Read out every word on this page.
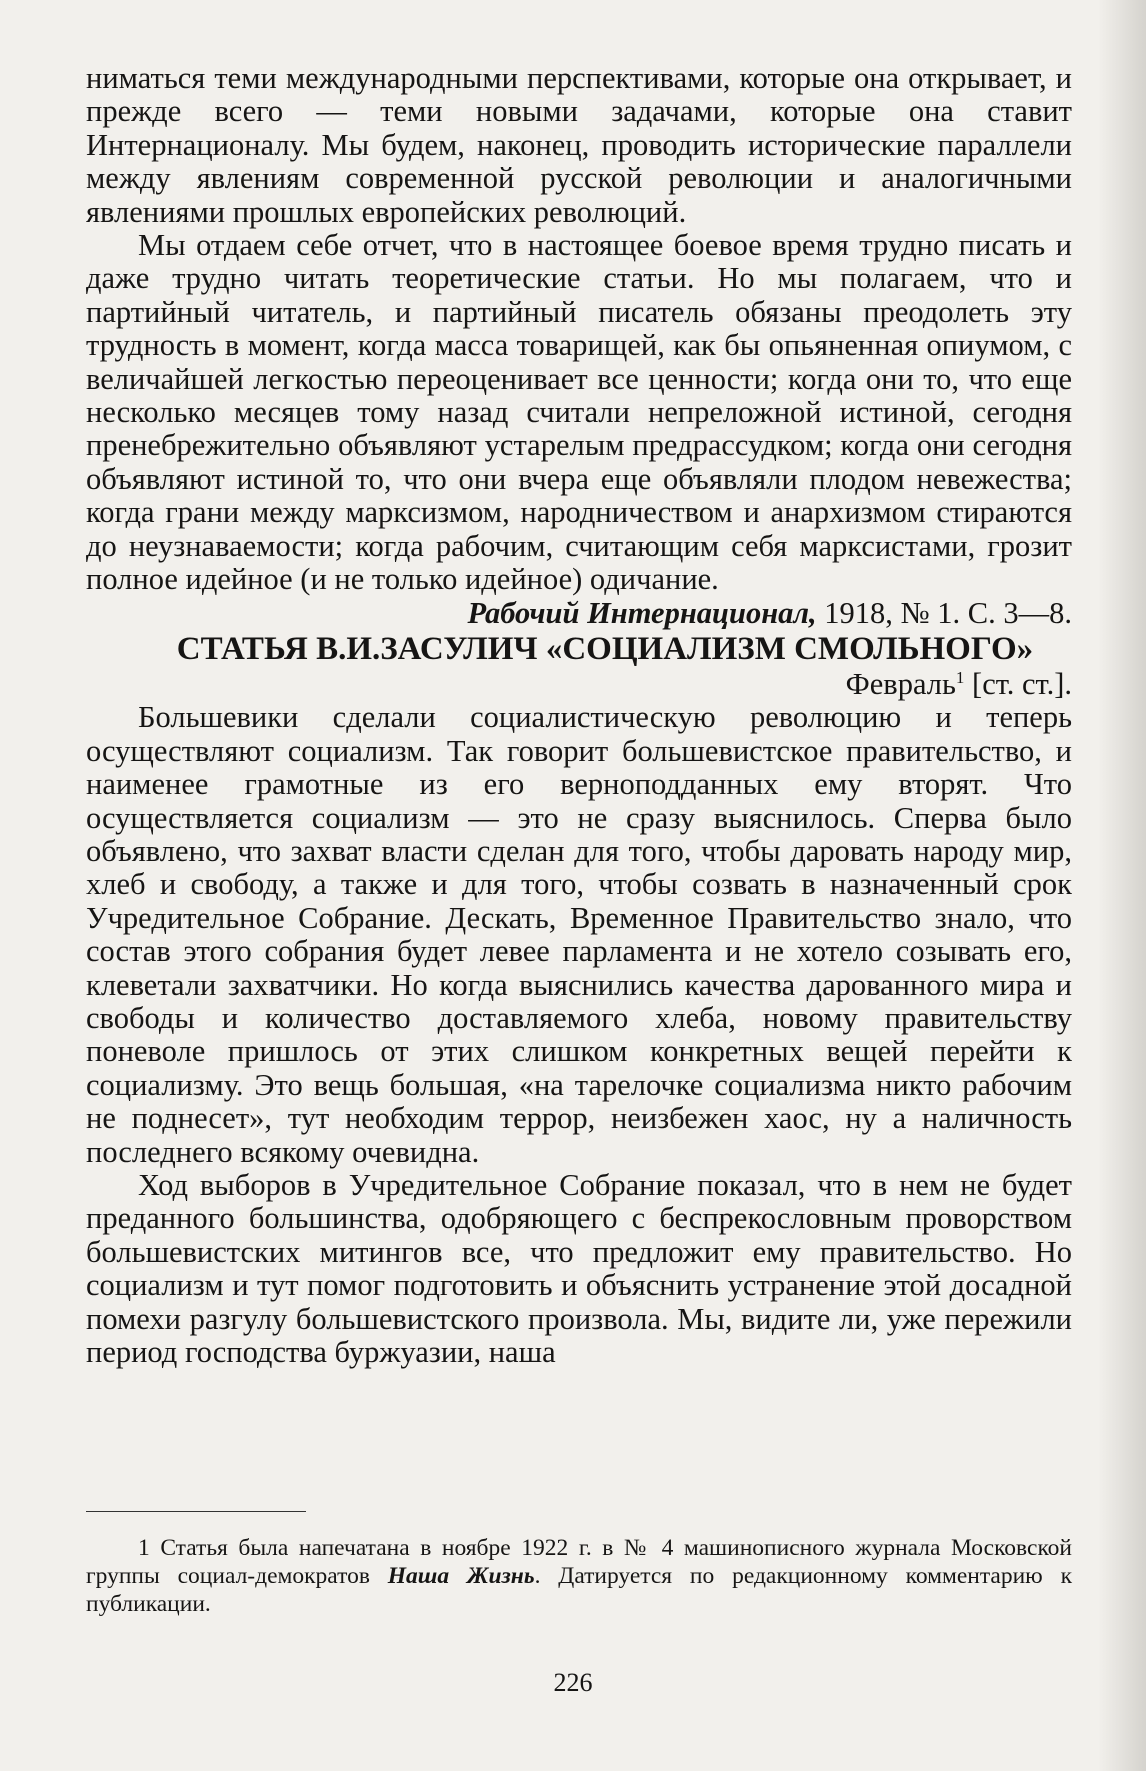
ниматься теми международными перспективами, которые она открывает, и прежде всего — теми новыми задачами, которые она ставит Интернационалу. Мы будем, наконец, проводить исторические параллели между явлениям современной русской революции и аналогичными явлениями прошлых европейских революций.

Мы отдаем себе отчет, что в настоящее боевое время трудно писать и даже трудно читать теоретические статьи. Но мы полагаем, что и партийный читатель, и партийный писатель обязаны преодолеть эту трудность в момент, когда масса товарищей, как бы опьяненная опиумом, с величайшей легкостью переоценивает все ценности; когда они то, что еще несколько месяцев тому назад считали непреложной истиной, сегодня пренебрежительно объявляют устарелым предрассудком; когда они сегодня объявляют истиной то, что они вчера еще объявляли плодом невежества; когда грани между марксизмом, народничеством и анархизмом стираются до неузнаваемости; когда рабочим, считающим себя марксистами, грозит полное идейное (и не только идейное) одичание.

Рабочий Интернационал, 1918, № 1. С. 3—8.

СТАТЬЯ В.И.ЗАСУЛИЧ «СОЦИАЛИЗМ СМОЛЬНОГО»

Февраль$^1$ [ст. ст.].

Большевики сделали социалистическую революцию и теперь осуществляют социализм. Так говорит большевистское правительство, и наименее грамотные из его верноподданных ему вторят. Что осуществляется социализм — это не сразу выяснилось. Сперва было объявлено, что захват власти сделан для того, чтобы даровать народу мир, хлеб и свободу, а также и для того, чтобы созвать в назначенный срок Учредительное Собрание. Дескать, Временное Правительство знало, что состав этого собрания будет левее парламента и не хотело созывать его, клеветали захватчики. Но когда выяснились качества дарованного мира и свободы и количество доставляемого хлеба, новому правительству поневоле пришлось от этих слишком конкретных вещей перейти к социализму. Это вещь большая, «на тарелочке социализма никто рабочим не поднесет», тут необходим террор, неизбежен хаос, ну а наличность последнего всякому очевидна.

Ход выборов в Учредительное Собрание показал, что в нем не будет преданного большинства, одобряющего с беспрекословным проворством большевистских митингов все, что предложит ему правительство. Но социализм и тут помог подготовить и объяснить устранение этой досадной помехи разгулу большевистского произвола. Мы, видите ли, уже пережили период господства буржуазии, наша

1 Статья была напечатана в ноябре 1922 г. в № 4 машинописного журнала Московской группы социал-демократов Наша Жизнь. Датируется по редакционному комментарию к публикации.

226
